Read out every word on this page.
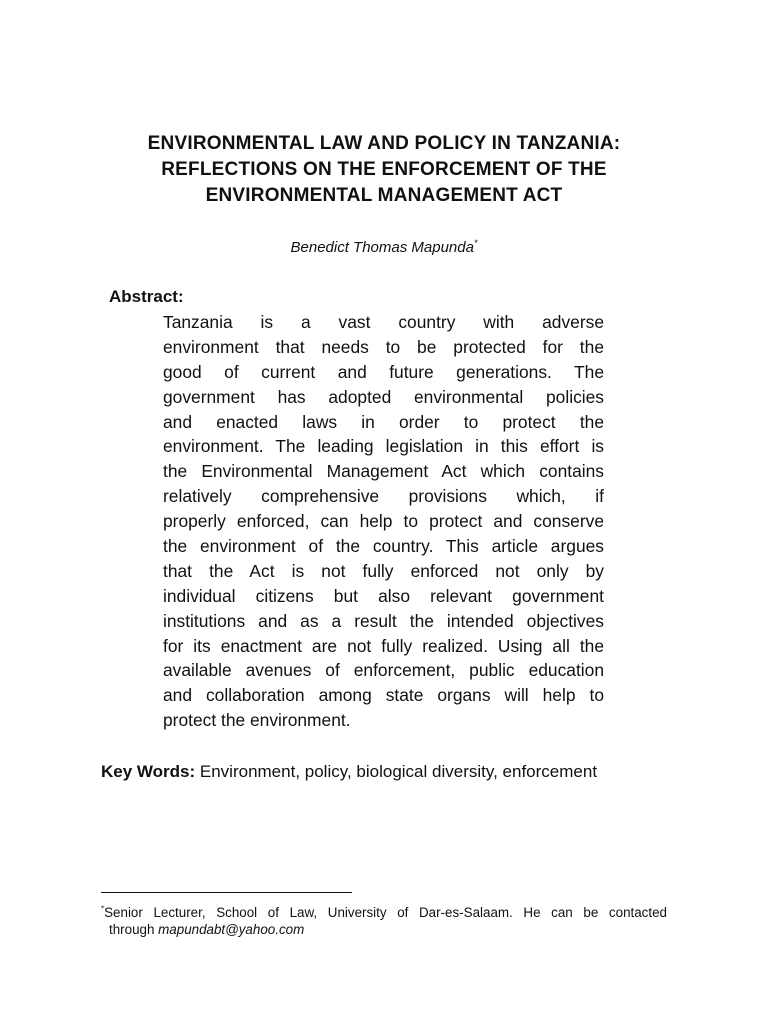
ENVIRONMENTAL LAW AND POLICY IN TANZANIA:
REFLECTIONS ON THE ENFORCEMENT OF THE
ENVIRONMENTAL MANAGEMENT ACT
Benedict Thomas Mapunda*
Abstract:
Tanzania is a vast country with adverse
environment that needs to be protected for the
good of current and future generations. The
government has adopted environmental policies
and enacted laws in order to protect the
environment. The leading legislation in this effort is
the Environmental Management Act which contains
relatively comprehensive provisions which, if
properly enforced, can help to protect and conserve
the environment of the country. This article argues
that the Act is not fully enforced not only by
individual citizens but also relevant government
institutions and as a result the intended objectives
for its enactment are not fully realized. Using all the
available avenues of enforcement, public education
and collaboration among state organs will help to
protect the environment.
Key Words: Environment, policy, biological diversity, enforcement
*Senior Lecturer, School of Law, University of Dar-es-Salaam. He can be contacted
through mapundabt@yahoo.com
